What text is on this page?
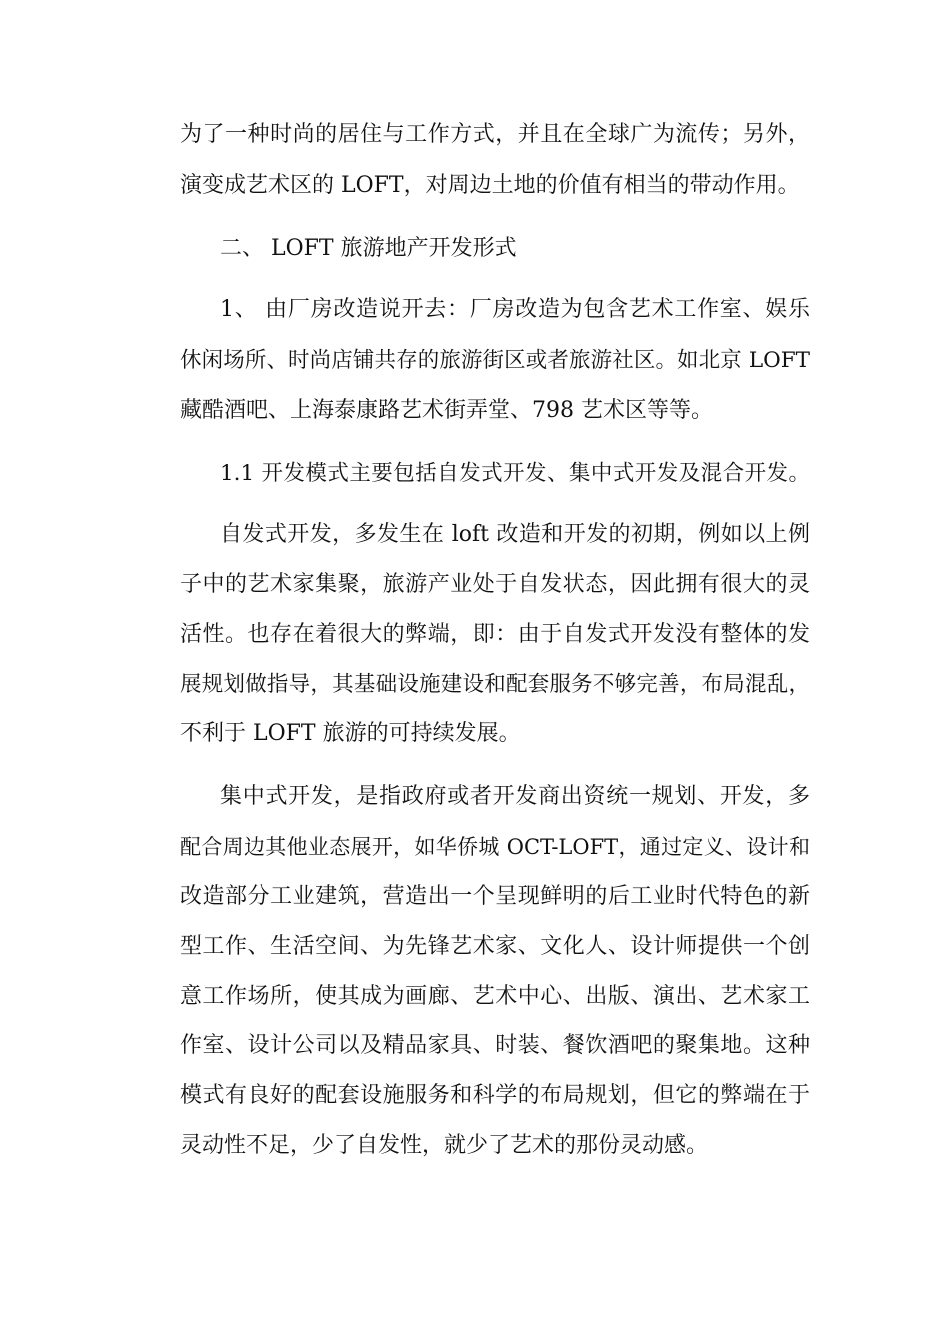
为了一种时尚的居住与工作方式，并且在全球广为流传；另外，
演变成艺术区的 LOFT，对周边土地的价值有相当的带动作用。
二、 LOFT 旅游地产开发形式
1、 由厂房改造说开去：厂房改造为包含艺术工作室、娱乐
休闲场所、时尚店铺共存的旅游街区或者旅游社区。如北京 LOFT
藏酷酒吧、上海泰康路艺术街弄堂、798 艺术区等等。
1.1 开发模式主要包括自发式开发、集中式开发及混合开发。
自发式开发，多发生在 loft 改造和开发的初期，例如以上例
子中的艺术家集聚，旅游产业处于自发状态，因此拥有很大的灵
活性。也存在着很大的弊端，即：由于自发式开发没有整体的发
展规划做指导，其基础设施建设和配套服务不够完善，布局混乱，
不利于 LOFT 旅游的可持续发展。
集中式开发，是指政府或者开发商出资统一规划、开发，多
配合周边其他业态展开，如华侨城 OCT-LOFT，通过定义、设计和
改造部分工业建筑，营造出一个呈现鲜明的后工业时代特色的新
型工作、生活空间、为先锋艺术家、文化人、设计师提供一个创
意工作场所，使其成为画廊、艺术中心、出版、演出、艺术家工
作室、设计公司以及精品家具、时装、餐饮酒吧的聚集地。这种
模式有良好的配套设施服务和科学的布局规划，但它的弊端在于
灵动性不足，少了自发性，就少了艺术的那份灵动感。
